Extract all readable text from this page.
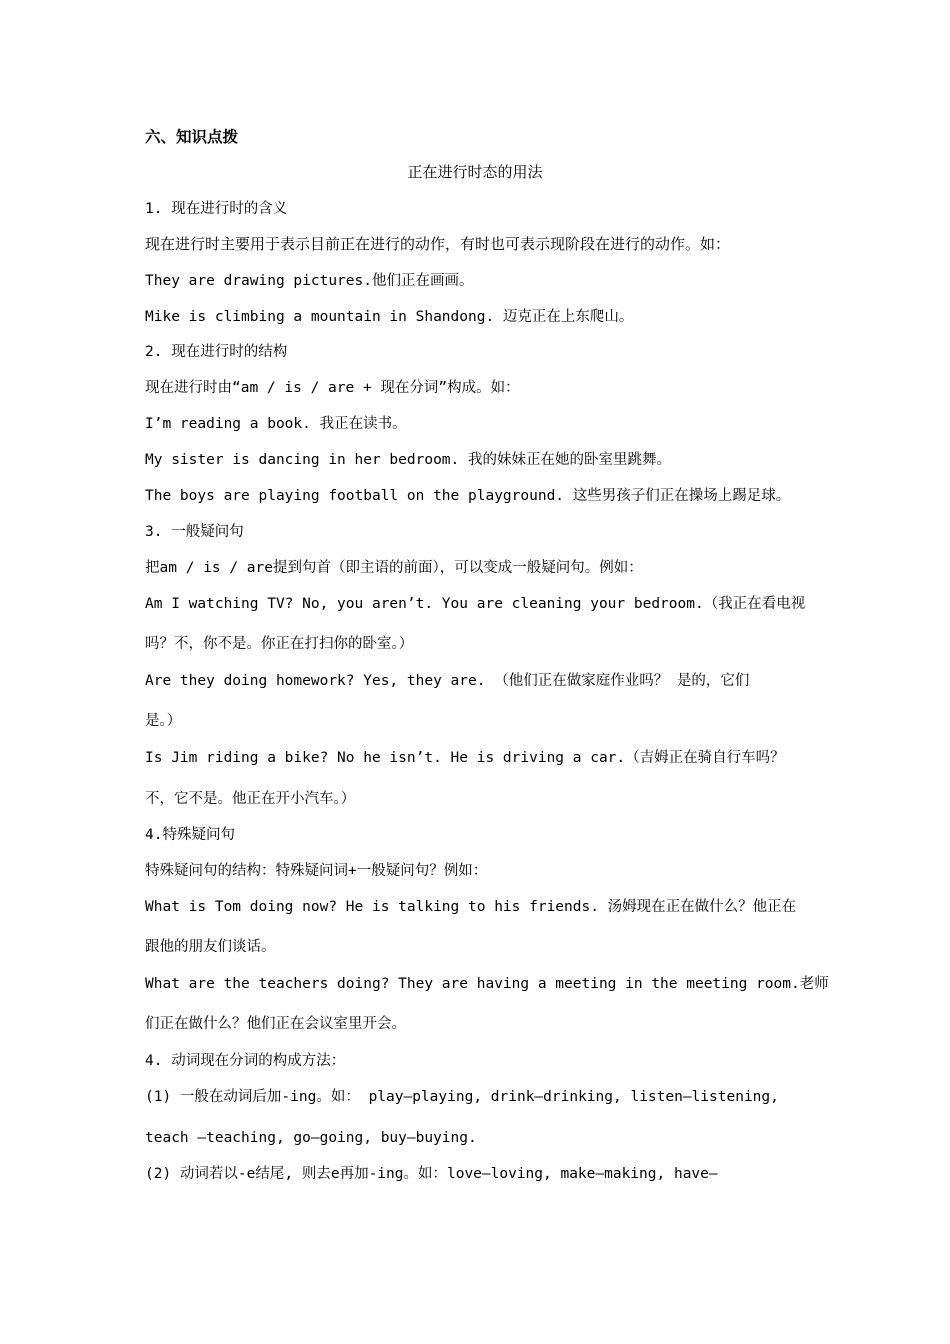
六、知识点拨
正在进行时态的用法
1. 现在进行时的含义
现在进行时主要用于表示目前正在进行的动作，有时也可表示现阶段在进行的动作。如：
They are drawing pictures.他们正在画画。
Mike is climbing a mountain in Shandong. 迈克正在上东爬山。
2. 现在进行时的结构
现在进行时由“am / is / are + 现在分词”构成。如：
I’m reading a book. 我正在读书。
My sister is dancing in her bedroom. 我的妹妹正在她的卧室里跳舞。
The boys are playing football on the playground. 这些男孩子们正在操场上踢足球。
3. 一般疑问句
把am / is / are提到句首（即主语的前面），可以变成一般疑问句。例如：
Am I watching TV? No, you aren’t. You are cleaning your bedroom.（我正在看电视
吗？不，你不是。你正在打扫你的卧室。）
Are they doing homework? Yes, they are. （他们正在做家庭作业吗？ 是的，它们
是。）
Is Jim riding a bike? No he isn’t. He is driving a car.（吉姆正在骑自行车吗？
不，它不是。他正在开小汽车。）
4.特殊疑问句
特殊疑问句的结构：特殊疑问词+一般疑问句？例如：
What is Tom doing now? He is talking to his friends. 汤姆现在正在做什么？他正在
跟他的朋友们谈话。
What are the teachers doing? They are having a meeting in the meeting room.老师
们正在做什么？他们正在会议室里开会。
4. 动词现在分词的构成方法：
(1) 一般在动词后加-ing。如： play—playing, drink—drinking, listen—listening,
teach —teaching, go—going, buy—buying.
(2) 动词若以-e结尾, 则去e再加-ing。如：love—loving, make—making, have—
